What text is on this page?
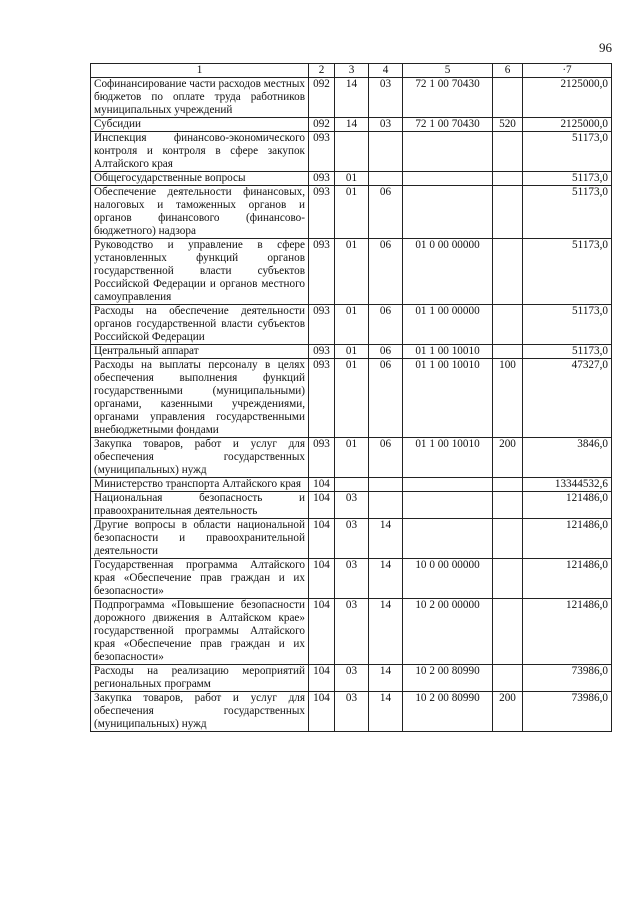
96
1	2	3	4	5	6	·7
Софинансирование части расходов местных бюджетов по оплате труда работников муниципальных учреждений	092	14	03	72 1 00 70430		2125000,0
Субсидии	092	14	03	72 1 00 70430	520	2125000,0
Инспекция финансово-экономического контроля и контроля в сфере закупок Алтайского края	093					51173,0
Общегосударственные вопросы	093	01				51173,0
Обеспечение деятельности финансовых, налоговых и таможенных органов и органов финансового (финансово-бюджетного) надзора	093	01	06			51173,0
Руководство и управление в сфере установленных функций органов государственной власти субъектов Российской Федерации и органов местного самоуправления	093	01	06	01 0 00 00000		51173,0
Расходы на обеспечение деятельности органов государственной власти субъектов Российской Федерации	093	01	06	01 1 00 00000		51173,0
Центральный аппарат	093	01	06	01 1 00 10010		51173,0
Расходы на выплаты персоналу в целях обеспечения выполнения функций государственными (муниципальными) органами, казенными учреждениями, органами управления государственными внебюджетными фондами	093	01	06	01 1 00 10010	100	47327,0
Закупка товаров, работ и услуг для обеспечения государственных (муниципальных) нужд	093	01	06	01 1 00 10010	200	3846,0
Министерство транспорта Алтайского края	104					13344532,6
Национальная безопасность и правоохранительная деятельность	104	03				121486,0
Другие вопросы в области национальной безопасности и правоохранительной деятельности	104	03	14			121486,0
Государственная программа Алтайского края «Обеспечение прав граждан и их безопасности»	104	03	14	10 0 00 00000		121486,0
Подпрограмма «Повышение безопасности дорожного движения в Алтайском крае» государственной программы Алтайского края «Обеспечение прав граждан и их безопасности»	104	03	14	10 2 00 00000		121486,0
Расходы на реализацию мероприятий региональных программ	104	03	14	10 2 00 80990		73986,0
Закупка товаров, работ и услуг для обеспечения государственных (муниципальных) нужд	104	03	14	10 2 00 80990	200	73986,0
